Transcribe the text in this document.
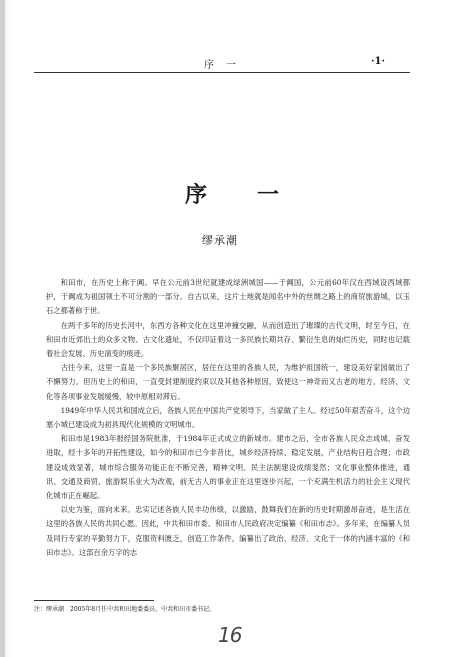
序　一	·1·
序　一
缪承潮

和田市，在历史上称于阗。早在公元前3世纪就建成绿洲城国——于阗国，公元前60年汉在西域设西域都护，于阗成为祖国领土不可分割的一部分。自古以来，这片土地就是闻名中外的丝绸之路上的商贸旅游城，以玉石之都著称于世。

在两千多年的历史长河中，东西方各种文化在这里冲撞交融，从而创造出了璀璨的古代文明，时至今日，在和田市近郊出土的众多文物、古文化遗址，不仅印证着这一多民族长期共存、繁衍生息的灿烂历史，同时也记载着社会发展、历史演变的痕迹。

古往今来，这里一直是一个多民族聚居区，居住在这里的各族人民，为维护祖国统一，建设美好家园做出了不懈努力。但历史上的和田，一直受封建制度约束以及其他各种原因，致使这一神奇而又古老的地方，经济、文化等各项事业发展缓慢，较中原相对滞后。

1949年中华人民共和国成立后，各族人民在中国共产党领导下，当家做了主人。经过50年艰苦奋斗，这个边塞小城已建设成为初具现代化规模的文明城市。

和田市是1983年报经国务院批准，于1984年正式成立的新城市。建市之后，全市各族人民众志成城、奋发进取，经十多年的开拓性建设，如今的和田市已今非昔比，城乡经济持续、稳定发展，产业结构日趋合理；市政建设成效显著，城市综合服务功能正在不断完善，精神文明、民主法制建设成绩斐然；文化事业整体推进，通讯、交通及商贸、旅游娱乐业大为改观，前无古人的事业正在这里逐步兴起，一个充满生机活力的社会主义现代化城市正在崛起。

以史为鉴，面向未来。忠实记述各族人民丰功伟绩，以激励、鼓舞我们在新的历史时期激昂奋进，是生活在这里的各族人民的共同心愿。因此，中共和田市委、和田市人民政府决定编纂《和田市志》。多年来，在编纂人员及同行专家的辛勤努力下，克服资料匮乏，创造工作条件，编纂出了政治、经济、文化于一体的内涵丰富的《和田市志》。这部百余万字的志

注：缪承潮　2005年8月任中共和田地委委员、中共和田市委书记。
16
